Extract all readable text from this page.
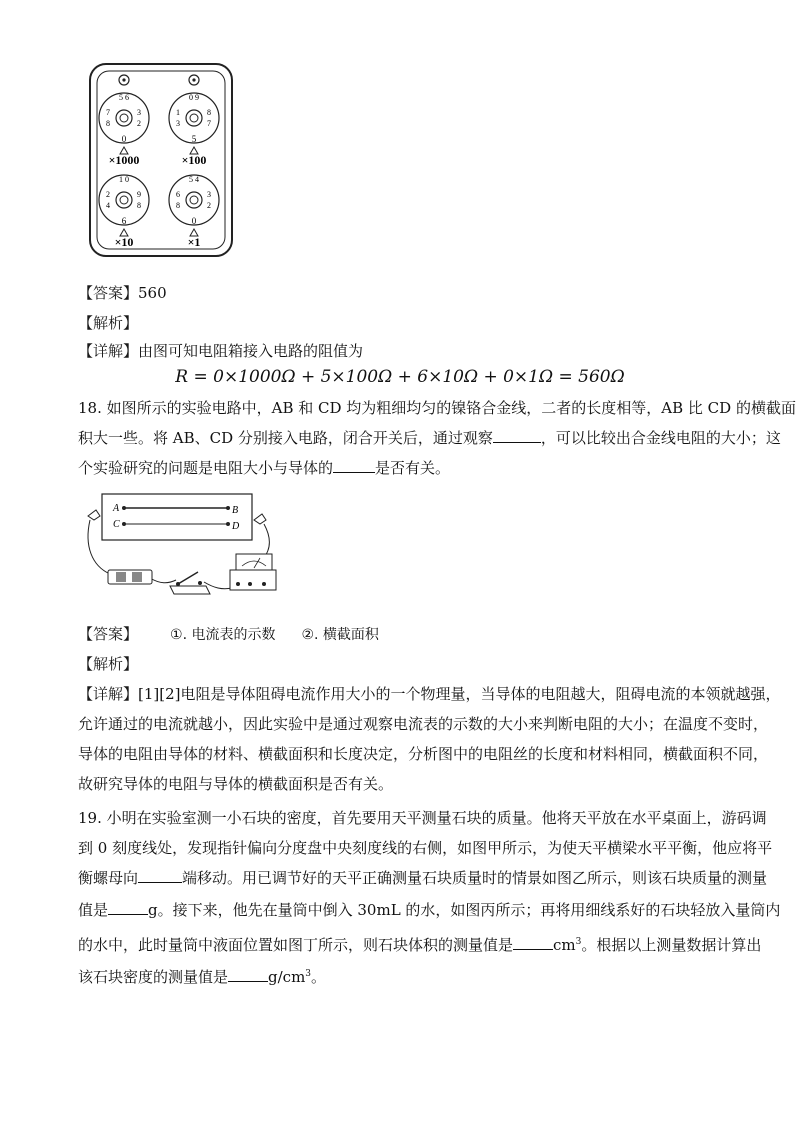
0
5 6
7
8
3
2
×1000
5
0 9
1
3
8
7
×100
6
1 0
2
4
9
8
×10
0
5 4
6
8
3
2
×1
【答案】560
【解析】
【详解】由图可知电阻箱接入电路的阻值为
R = 0×1000Ω + 5×100Ω + 6×10Ω + 0×1Ω = 560Ω
18. 如图所示的实验电路中，AB 和 CD 均为粗细均匀的镍铬合金线，二者的长度相等，AB 比 CD 的横截面
积大一些。将 AB、CD 分别接入电路，闭合开关后，通过观察	，可以比较出合金线电阻的大小；这
个实验研究的问题是电阻大小与导体的	是否有关。
A	B
C	D
【答案】 ①. 电流表的示数 ②. 横截面积
【解析】
【详解】[1][2]电阻是导体阻碍电流作用大小的一个物理量，当导体的电阻越大，阻碍电流的本领就越强，
允许通过的电流就越小，因此实验中是通过观察电流表的示数的大小来判断电阻的大小；在温度不变时，
导体的电阻由导体的材料、横截面积和长度决定，分析图中的电阻丝的长度和材料相同，横截面积不同，
故研究导体的电阻与导体的横截面积是否有关。
19. 小明在实验室测一小石块的密度，首先要用天平测量石块的质量。他将天平放在水平桌面上，游码调
到 0 刻度线处，发现指针偏向分度盘中央刻度线的右侧，如图甲所示，为使天平横梁水平平衡，他应将平
衡螺母向	端移动。用已调节好的天平正确测量石块质量时的情景如图乙所示，则该石块质量的测量
值是	g。接下来，他先在量筒中倒入 30mL 的水，如图丙所示；再将用细线系好的石块轻放入量筒内
的水中，此时量筒中液面位置如图丁所示，则石块体积的测量值是	$cm^3$。根据以上测量数据计算出
该石块密度的测量值是	$g/cm^3$。
